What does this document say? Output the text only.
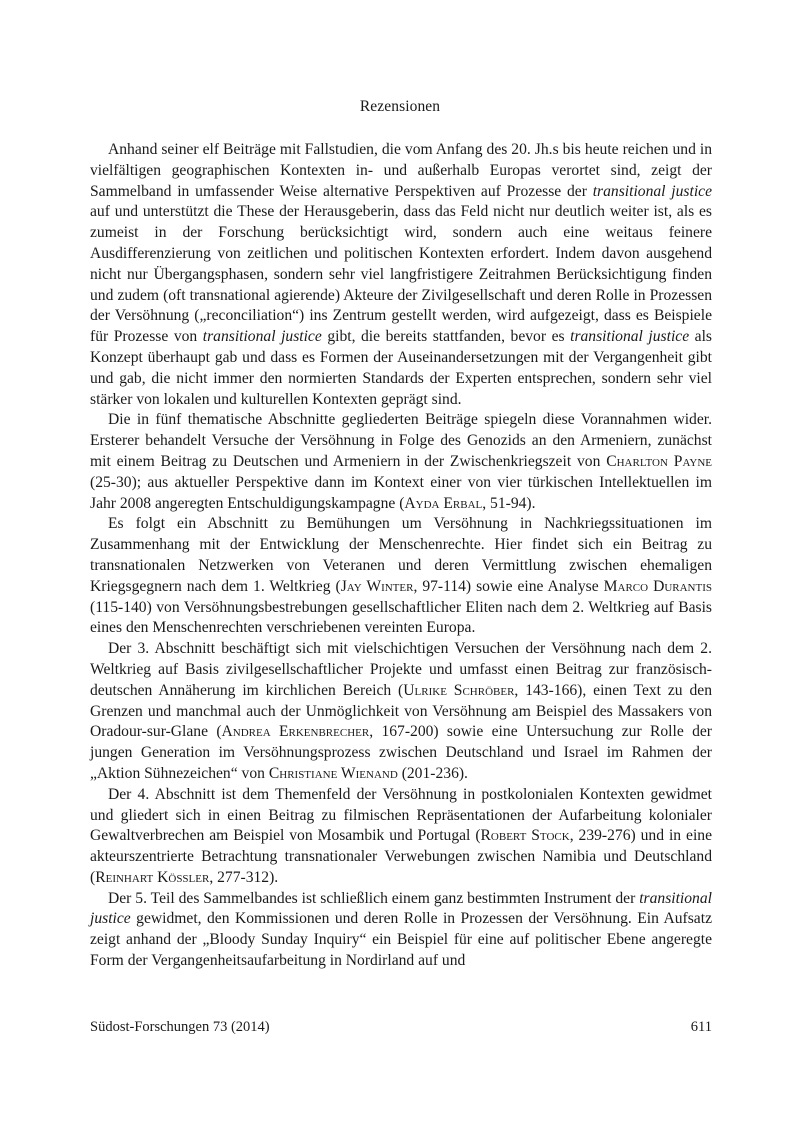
Rezensionen

Anhand seiner elf Beiträge mit Fallstudien, die vom Anfang des 20. Jh.s bis heute reichen und in vielfältigen geographischen Kontexten in- und außerhalb Europas verortet sind, zeigt der Sammelband in umfassender Weise alternative Perspektiven auf Prozesse der transitional justice auf und unterstützt die These der Herausgeberin, dass das Feld nicht nur deutlich weiter ist, als es zumeist in der Forschung berücksichtigt wird, sondern auch eine weitaus feinere Ausdifferenzierung von zeitlichen und politischen Kontexten erfordert. Indem davon ausgehend nicht nur Übergangsphasen, sondern sehr viel langfristigere Zeitrahmen Berücksichtigung finden und zudem (oft transnational agierende) Akteure der Zivilgesellschaft und deren Rolle in Prozessen der Versöhnung („reconciliation“) ins Zentrum gestellt werden, wird aufgezeigt, dass es Beispiele für Prozesse von transitional justice gibt, die bereits stattfanden, bevor es transitional justice als Konzept überhaupt gab und dass es Formen der Auseinandersetzungen mit der Vergangenheit gibt und gab, die nicht immer den normierten Standards der Experten entsprechen, sondern sehr viel stärker von lokalen und kulturellen Kontexten geprägt sind.

Die in fünf thematische Abschnitte gegliederten Beiträge spiegeln diese Vorannahmen wider. Ersterer behandelt Versuche der Versöhnung in Folge des Genozids an den Armeniern, zunächst mit einem Beitrag zu Deutschen und Armeniern in der Zwischenkriegszeit von Charlton Payne (25-30); aus aktueller Perspektive dann im Kontext einer von vier türkischen Intellektuellen im Jahr 2008 angeregten Entschuldigungskampagne (Ayda Erbal, 51-94).

Es folgt ein Abschnitt zu Bemühungen um Versöhnung in Nachkriegssituationen im Zusammenhang mit der Entwicklung der Menschenrechte. Hier findet sich ein Beitrag zu transnationalen Netzwerken von Veteranen und deren Vermittlung zwischen ehemaligen Kriegsgegnern nach dem 1. Weltkrieg (Jay Winter, 97-114) sowie eine Analyse Marco Durantis (115-140) von Versöhnungsbestrebungen gesellschaftlicher Eliten nach dem 2. Weltkrieg auf Basis eines den Menschenrechten verschriebenen vereinten Europa.

Der 3. Abschnitt beschäftigt sich mit vielschichtigen Versuchen der Versöhnung nach dem 2. Weltkrieg auf Basis zivilgesellschaftlicher Projekte und umfasst einen Beitrag zur französisch-deutschen Annäherung im kirchlichen Bereich (Ulrike Schröber, 143-166), einen Text zu den Grenzen und manchmal auch der Unmöglichkeit von Versöhnung am Beispiel des Massakers von Oradour-sur-Glane (Andrea Erkenbrecher, 167-200) sowie eine Untersuchung zur Rolle der jungen Generation im Versöhnungsprozess zwischen Deutschland und Israel im Rahmen der „Aktion Sühnezeichen“ von Christiane Wienand (201-236).

Der 4. Abschnitt ist dem Themenfeld der Versöhnung in postkolonialen Kontexten gewidmet und gliedert sich in einen Beitrag zu filmischen Repräsentationen der Aufarbeitung kolonialer Gewaltverbrechen am Beispiel von Mosambik und Portugal (Robert Stock, 239-276) und in eine akteurszentrierte Betrachtung transnationaler Verwebungen zwischen Namibia und Deutschland (Reinhart Kössler, 277-312).

Der 5. Teil des Sammelbandes ist schließlich einem ganz bestimmten Instrument der transitional justice gewidmet, den Kommissionen und deren Rolle in Prozessen der Versöhnung. Ein Aufsatz zeigt anhand der „Bloody Sunday Inquiry“ ein Beispiel für eine auf politischer Ebene angeregte Form der Vergangenheitsaufarbeitung in Nordirland auf und

Südost-Forschungen 73 (2014)	611
